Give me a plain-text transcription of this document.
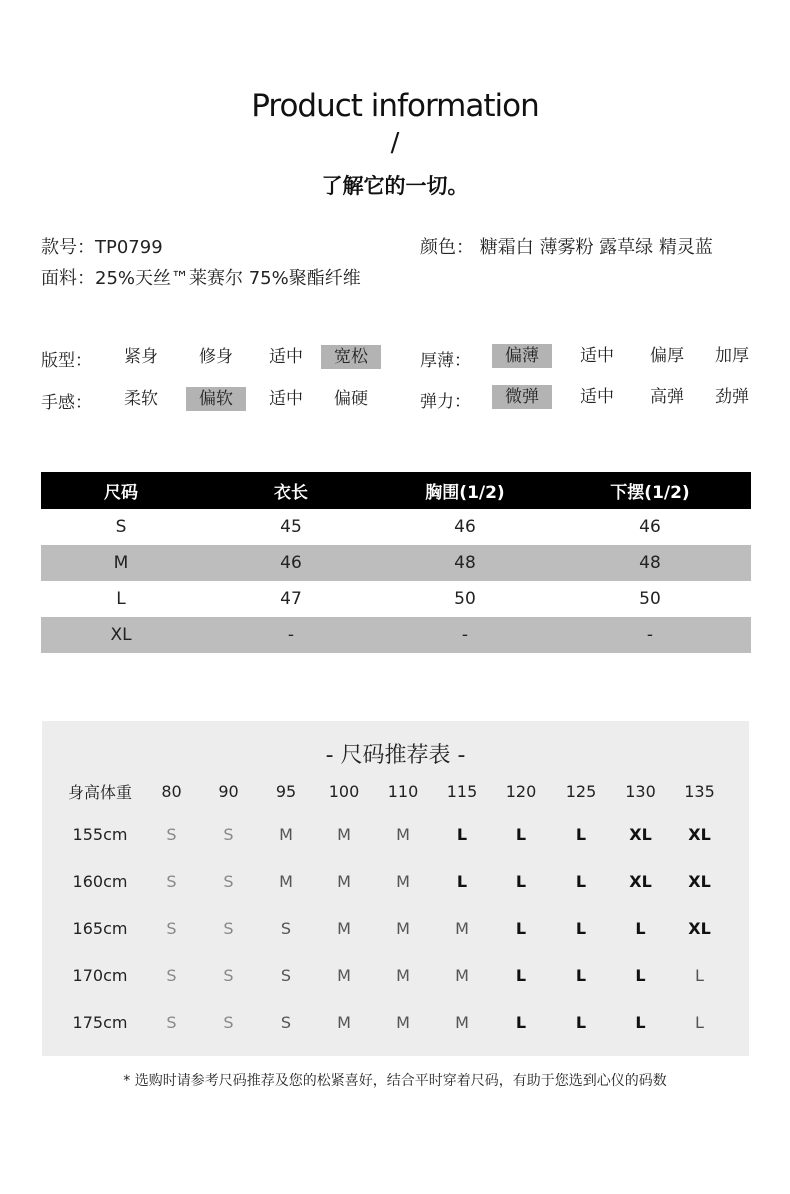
Product information
/
了解它的一切。
款号：TP0799
面料：25%天丝™莱赛尔 75%聚酯纤维
颜色： 糖霜白 薄雾粉 露草绿 精灵蓝
版型：	紧身	修身	适中	宽松
手感：	柔软	偏软	适中	偏硬
厚薄：	偏薄	适中	偏厚	加厚
弹力：	微弹	适中	高弹	劲弹
尺码	衣长	胸围(1/2)	下摆(1/2)
S	45	46	46
M	46	48	48
L	47	50	50
XL	-	-	-
- 尺码推荐表 -
身高体重	80	90	95	100	110	115	120	125	130	135
155cm	S	S	M	M	M	L	L	L	XL	XL
160cm	S	S	M	M	M	L	L	L	XL	XL
165cm	S	S	S	M	M	M	L	L	L	XL
170cm	S	S	S	M	M	M	L	L	L	L
175cm	S	S	S	M	M	M	L	L	L	L
* 选购时请参考尺码推荐及您的松紧喜好，结合平时穿着尺码，有助于您选到心仪的码数
